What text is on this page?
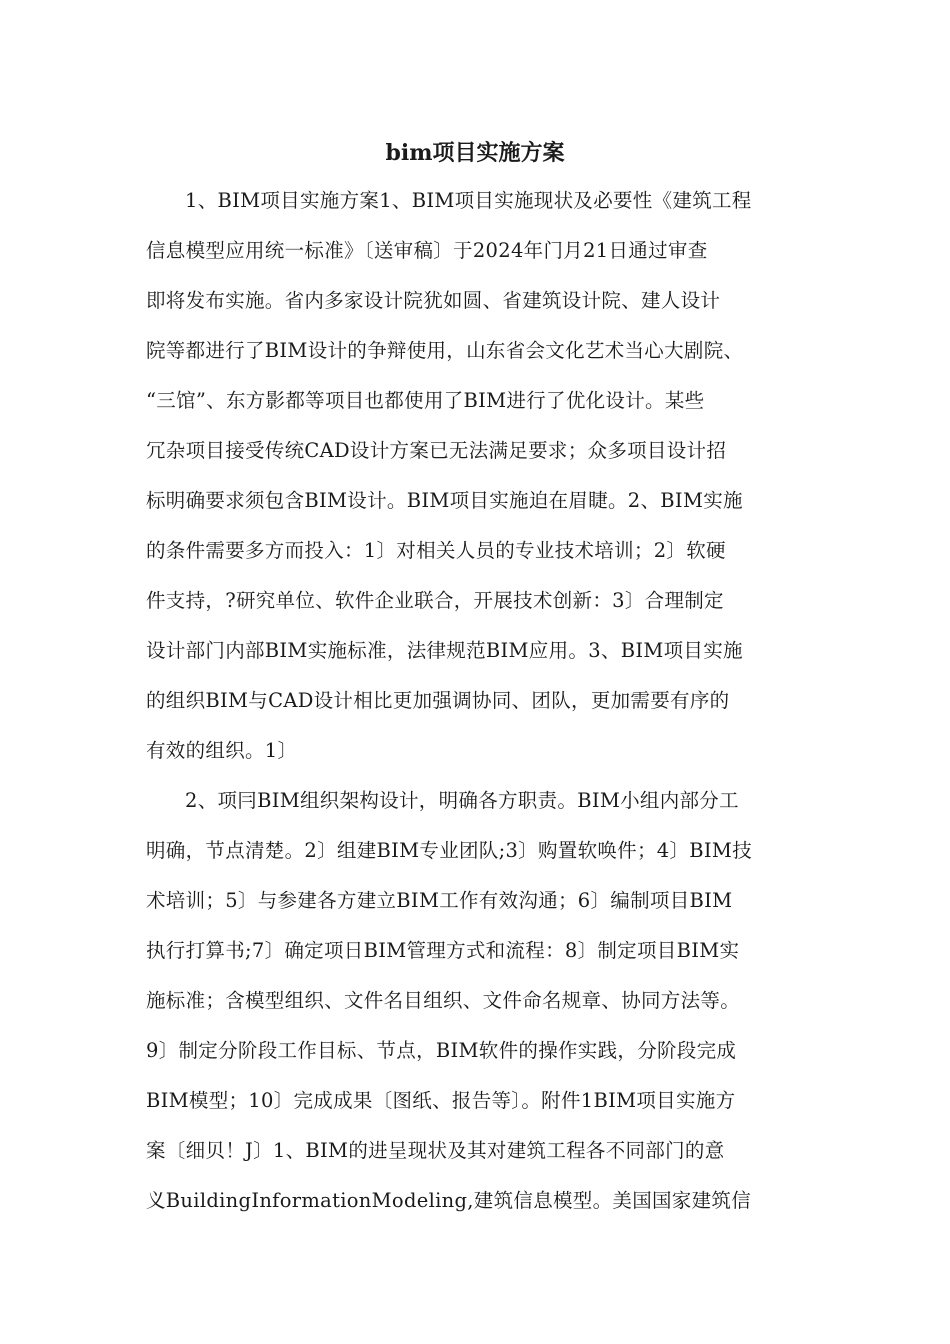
bim项目实施方案

1、BIM项目实施方案1、BIM项目实施现状及必要性《建筑工程

信息模型应用统一标准》〔送审稿〕于2024年门月21日通过审查

即将发布实施。省内多家设计院犹如圆、省建筑设计院、建人设计

院等都进行了BIM设计的争辩使用，山东省会文化艺术当心大剧院、

“三馆”、东方影都等项目也都使用了BIM进行了优化设计。某些

冗杂项目接受传统CAD设计方案已无法满足要求；众多项目设计招

标明确要求须包含BIM设计。BIM项目实施迫在眉睫。2、BIM实施

的条件需要多方而投入：1〕对相关人员的专业技术培训；2〕软硬

件支持，?研究单位、软件企业联合，开展技术创新：3〕合理制定

设计部门内部BIM实施标准，法律规范BIM应用。3、BIM项目实施

的组织BIM与CAD设计相比更加强调协同、团队，更加需要有序的

有效的组织。1〕

2、项冃BIM组织架构设计，明确各方职责。BIM小组内部分工

明确，节点清楚。2〕组建BIM专业团队;3〕购置软唤件；4〕BIM技

术培训；5〕与参建各方建立BIM工作有效沟通；6〕编制项目BIM

执行打算书;7〕确定项日BIM管理方式和流程：8〕制定项目BIM实

施标准；含模型组织、文件名目组织、文件命名规章、协同方法等。

9〕制定分阶段工作目标、节点，BIM软件的操作实践，分阶段完成

BIM模型；10〕完成成果〔图纸、报告等〕。附件1BIM项目实施方

案〔细贝！J〕1、BIM的进呈现状及其对建筑工程各不同部门的意

义BuildingInformationModeling,建筑信息模型。美国国家建筑信
